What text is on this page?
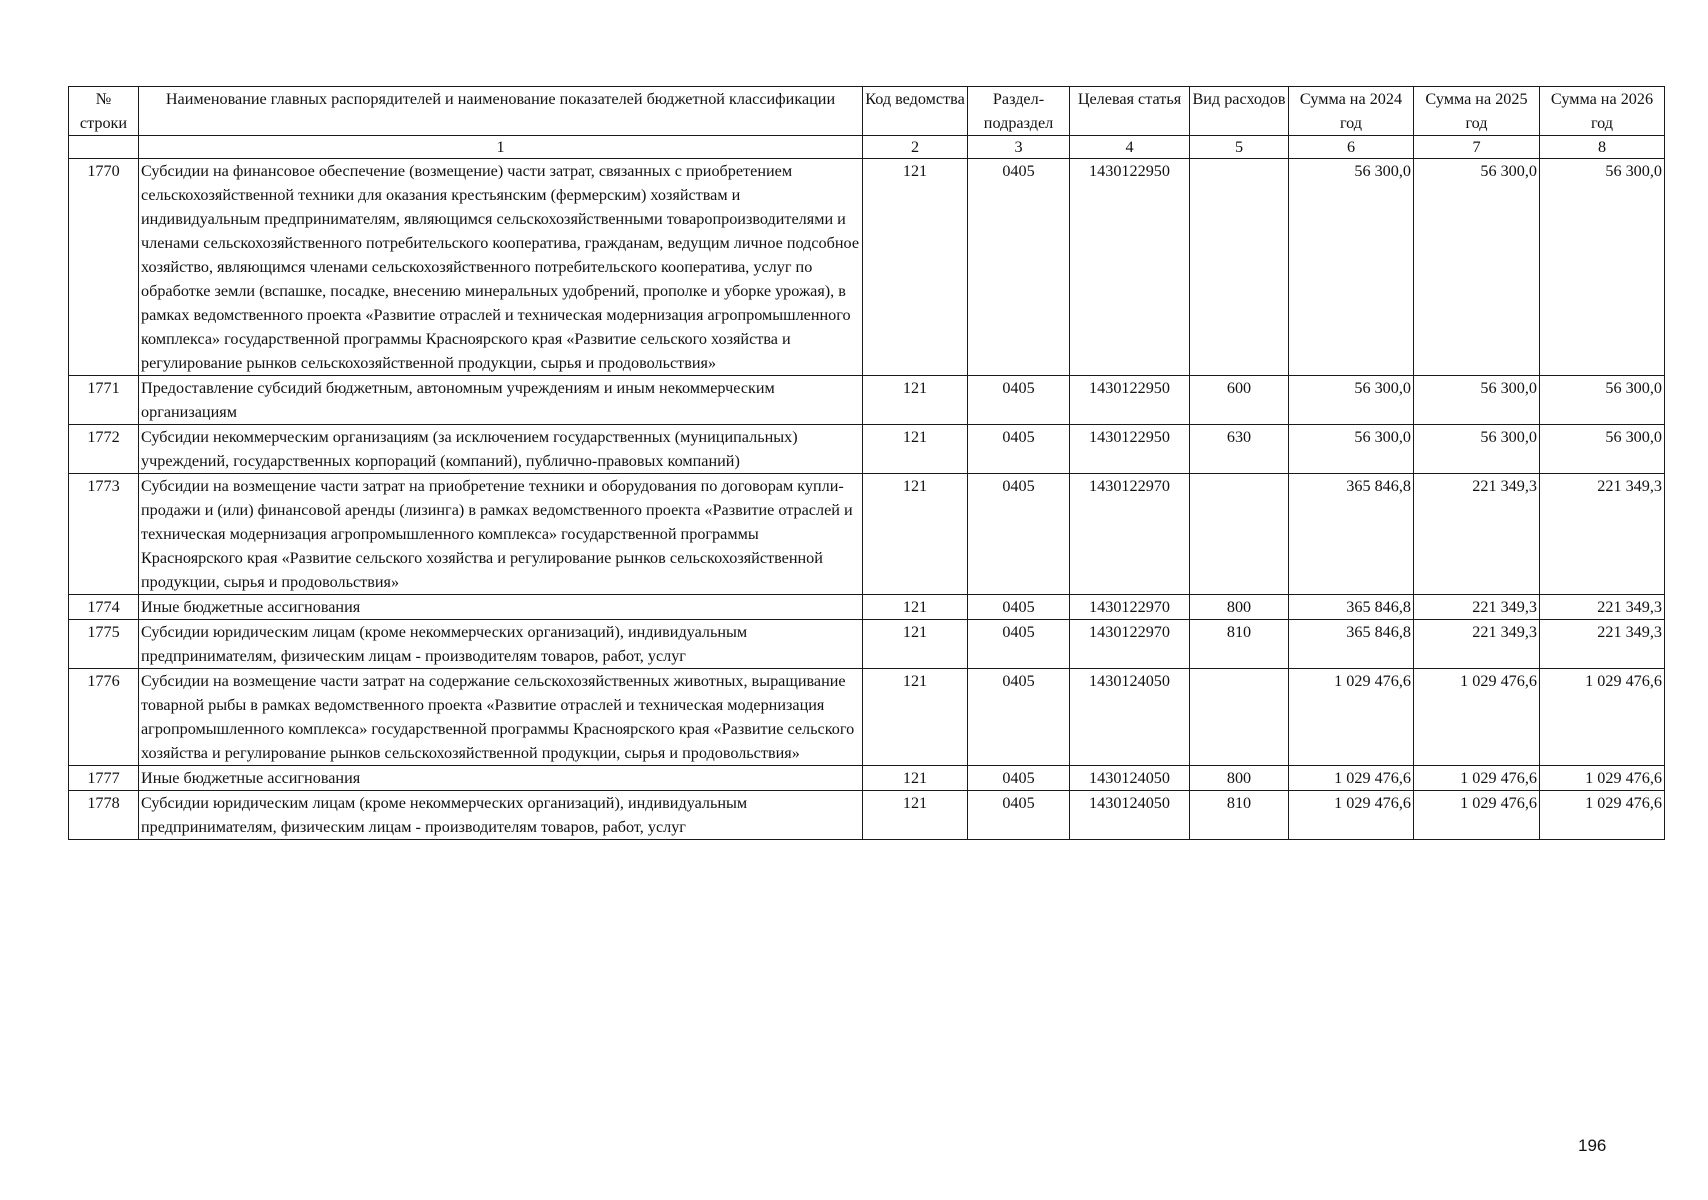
№ строки	Наименование главных распорядителей и наименование показателей бюджетной классификации	Код ведомства	Раздел-подраздел	Целевая статья	Вид расходов	Сумма на 2024 год	Сумма на 2025 год	Сумма на 2026 год
	1	2	3	4	5	6	7	8
1770	Субсидии на финансовое обеспечение (возмещение) части затрат, связанных с приобретением сельскохозяйственной техники для оказания крестьянским (фермерским) хозяйствам и индивидуальным предпринимателям, являющимся сельскохозяйственными товаропроизводителями и членами сельскохозяйственного потребительского кооператива, гражданам, ведущим личное подсобное хозяйство, являющимся членами сельскохозяйственного потребительского кооператива, услуг по обработке земли (вспашке, посадке, внесению минеральных удобрений, прополке и уборке урожая), в рамках ведомственного проекта «Развитие отраслей и техническая модернизация агропромышленного комплекса» государственной программы Красноярского края «Развитие сельского хозяйства и регулирование рынков сельскохозяйственной продукции, сырья и продовольствия»	121	0405	1430122950		56 300,0	56 300,0	56 300,0
1771	Предоставление субсидий бюджетным, автономным учреждениям и иным некоммерческим организациям	121	0405	1430122950	600	56 300,0	56 300,0	56 300,0
1772	Субсидии некоммерческим организациям (за исключением государственных (муниципальных) учреждений, государственных корпораций (компаний), публично-правовых компаний)	121	0405	1430122950	630	56 300,0	56 300,0	56 300,0
1773	Субсидии на возмещение части затрат на приобретение техники и оборудования по договорам купли-продажи и (или) финансовой аренды (лизинга) в рамках ведомственного проекта «Развитие отраслей и техническая модернизация агропромышленного комплекса» государственной программы Красноярского края «Развитие сельского хозяйства и регулирование рынков сельскохозяйственной продукции, сырья и продовольствия»	121	0405	1430122970		365 846,8	221 349,3	221 349,3
1774	Иные бюджетные ассигнования	121	0405	1430122970	800	365 846,8	221 349,3	221 349,3
1775	Субсидии юридическим лицам (кроме некоммерческих организаций), индивидуальным предпринимателям, физическим лицам - производителям товаров, работ, услуг	121	0405	1430122970	810	365 846,8	221 349,3	221 349,3
1776	Субсидии на возмещение части затрат на содержание сельскохозяйственных животных, выращивание товарной рыбы в рамках ведомственного проекта «Развитие отраслей и техническая модернизация агропромышленного комплекса» государственной программы Красноярского края «Развитие сельского хозяйства и регулирование рынков сельскохозяйственной продукции, сырья и продовольствия»	121	0405	1430124050		1 029 476,6	1 029 476,6	1 029 476,6
1777	Иные бюджетные ассигнования	121	0405	1430124050	800	1 029 476,6	1 029 476,6	1 029 476,6
1778	Субсидии юридическим лицам (кроме некоммерческих организаций), индивидуальным предпринимателям, физическим лицам - производителям товаров, работ, услуг	121	0405	1430124050	810	1 029 476,6	1 029 476,6	1 029 476,6
196
